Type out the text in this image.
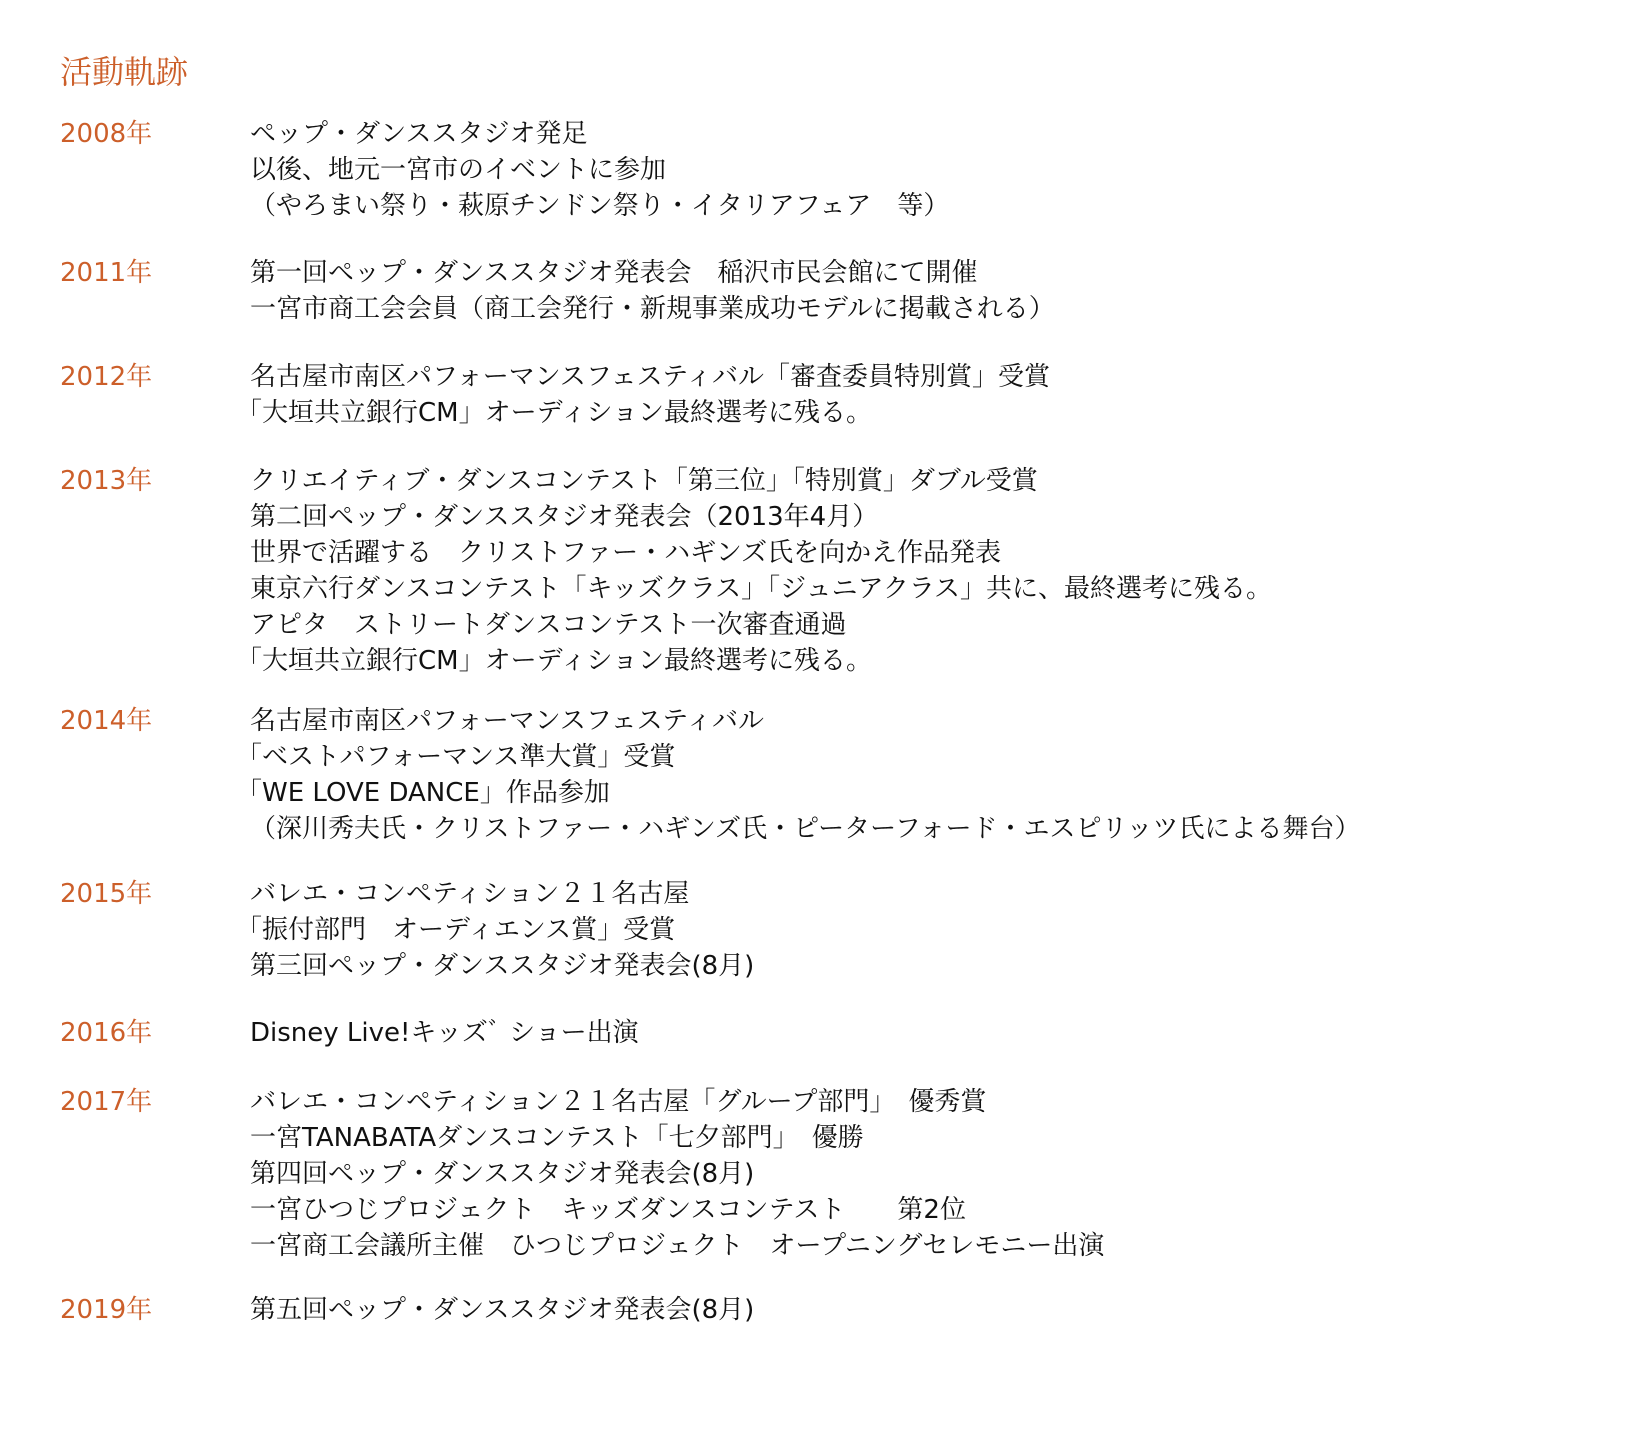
活動軌跡
2008年	ペップ・ダンススタジオ発足
以後、地元一宮市のイベントに参加
（やろまい祭り・萩原チンドン祭り・イタリアフェア　等）
2011年	第一回ペップ・ダンススタジオ発表会　稲沢市民会館にて開催
一宮市商工会会員（商工会発行・新規事業成功モデルに掲載される）
2012年	名古屋市南区パフォーマンスフェスティバル「審査委員特別賞」受賞
「大垣共立銀行CM」オーディション最終選考に残る。
2013年	クリエイティブ・ダンスコンテスト「第三位」「特別賞」ダブル受賞
第二回ペップ・ダンススタジオ発表会（2013年4月）
世界で活躍する　クリストファー・ハギンズ氏を向かえ作品発表
東京六行ダンスコンテスト「キッズクラス」「ジュニアクラス」共に、最終選考に残る。
アピタ　ストリートダンスコンテスト一次審査通過
「大垣共立銀行CM」オーディション最終選考に残る。
2014年	名古屋市南区パフォーマンスフェスティバル
「ベストパフォーマンス準大賞」受賞
「WE LOVE DANCE」作品参加
（深川秀夫氏・クリストファー・ハギンズ氏・ピーターフォード・エスピリッツ氏による舞台）
2015年	バレエ・コンペティション２１名古屋
「振付部門　オーディエンス賞」受賞
第三回ペップ・ダンススタジオ発表会(8月)
2016年	Disney Live!キッズﾞ ショー出演
2017年	バレエ・コンペティション２１名古屋「グループ部門」　優秀賞
一宮TANABATAダンスコンテスト「七夕部門」　優勝
第四回ペップ・ダンススタジオ発表会(8月)
一宮ひつじプロジェクト　キッズダンスコンテスト　　第2位
一宮商工会議所主催　ひつじプロジェクト　オープニングセレモニー出演
2019年	第五回ペップ・ダンススタジオ発表会(8月)
